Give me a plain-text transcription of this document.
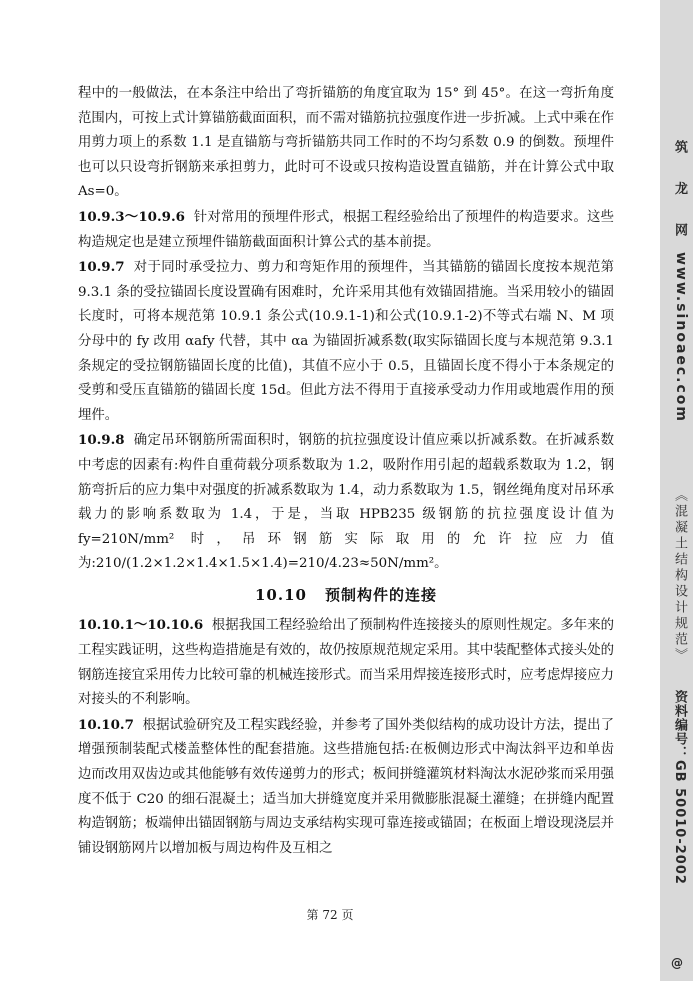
程中的一般做法，在本条注中给出了弯折锚筋的角度宜取为 15° 到 45°。在这一弯折角度范围内，可按上式计算锚筋截面面积，而不需对锚筋抗拉强度作进一步折减。上式中乘在作用剪力项上的系数 1.1 是直锚筋与弯折锚筋共同工作时的不均匀系数 0.9 的倒数。预埋件也可以只设弯折钢筋来承担剪力，此时可不设或只按构造设置直锚筋，并在计算公式中取 As=0。

10.9.3～10.9.6 针对常用的预埋件形式，根据工程经验给出了预埋件的构造要求。这些构造规定也是建立预埋件锚筋截面面积计算公式的基本前提。

10.9.7 对于同时承受拉力、剪力和弯矩作用的预埋件，当其锚筋的锚固长度按本规范第 9.3.1 条的受拉锚固长度设置确有困难时，允许采用其他有效锚固措施。当采用较小的锚固长度时，可将本规范第 10.9.1 条公式(10.9.1-1)和公式(10.9.1-2)不等式右端 N、M 项分母中的 fy 改用 αafy 代替，其中 αa 为锚固折减系数(取实际锚固长度与本规范第 9.3.1 条规定的受拉钢筋锚固长度的比值)，其值不应小于 0.5，且锚固长度不得小于本条规定的受剪和受压直锚筋的锚固长度 15d。但此方法不得用于直接承受动力作用或地震作用的预埋件。

10.9.8 确定吊环钢筋所需面积时，钢筋的抗拉强度设计值应乘以折减系数。在折减系数中考虑的因素有:构件自重荷载分项系数取为 1.2，吸附作用引起的超载系数取为 1.2，钢筋弯折后的应力集中对强度的折减系数取为 1.4，动力系数取为 1.5，钢丝绳角度对吊环承载力的影响系数取为 1.4，于是，当取 HPB235 级钢筋的抗拉强度设计值为 fy=210N/mm² 时，吊环钢筋实际取用的允许拉应力值为:210/(1.2×1.2×1.4×1.5×1.4)=210/4.23≈50N/mm²。

10.10 预制构件的连接

10.10.1～10.10.6 根据我国工程经验给出了预制构件连接接头的原则性规定。多年来的工程实践证明，这些构造措施是有效的，故仍按原规范规定采用。其中装配整体式接头处的钢筋连接宜采用传力比较可靠的机械连接形式。而当采用焊接连接形式时，应考虑焊接应力对接头的不利影响。

10.10.7 根据试验研究及工程实践经验，并参考了国外类似结构的成功设计方法，提出了增强预制装配式楼盖整体性的配套措施。这些措施包括:在板侧边形式中淘汰斜平边和单齿边而改用双齿边或其他能够有效传递剪力的形式；板间拼缝灌筑材料淘汰水泥砂浆而采用强度不低于 C20 的细石混凝土；适当加大拼缝宽度并采用微膨胀混凝土灌缝；在拼缝内配置构造钢筋；板端伸出锚固钢筋与周边支承结构实现可靠连接或锚固；在板面上增设现浇层并铺设钢筋网片以增加板与周边构件及互相之

第 72 页
筑 龙 网
www.sinoaec.com
《混凝土结构设计规范》
资料编号：GB 50010-2002
@
